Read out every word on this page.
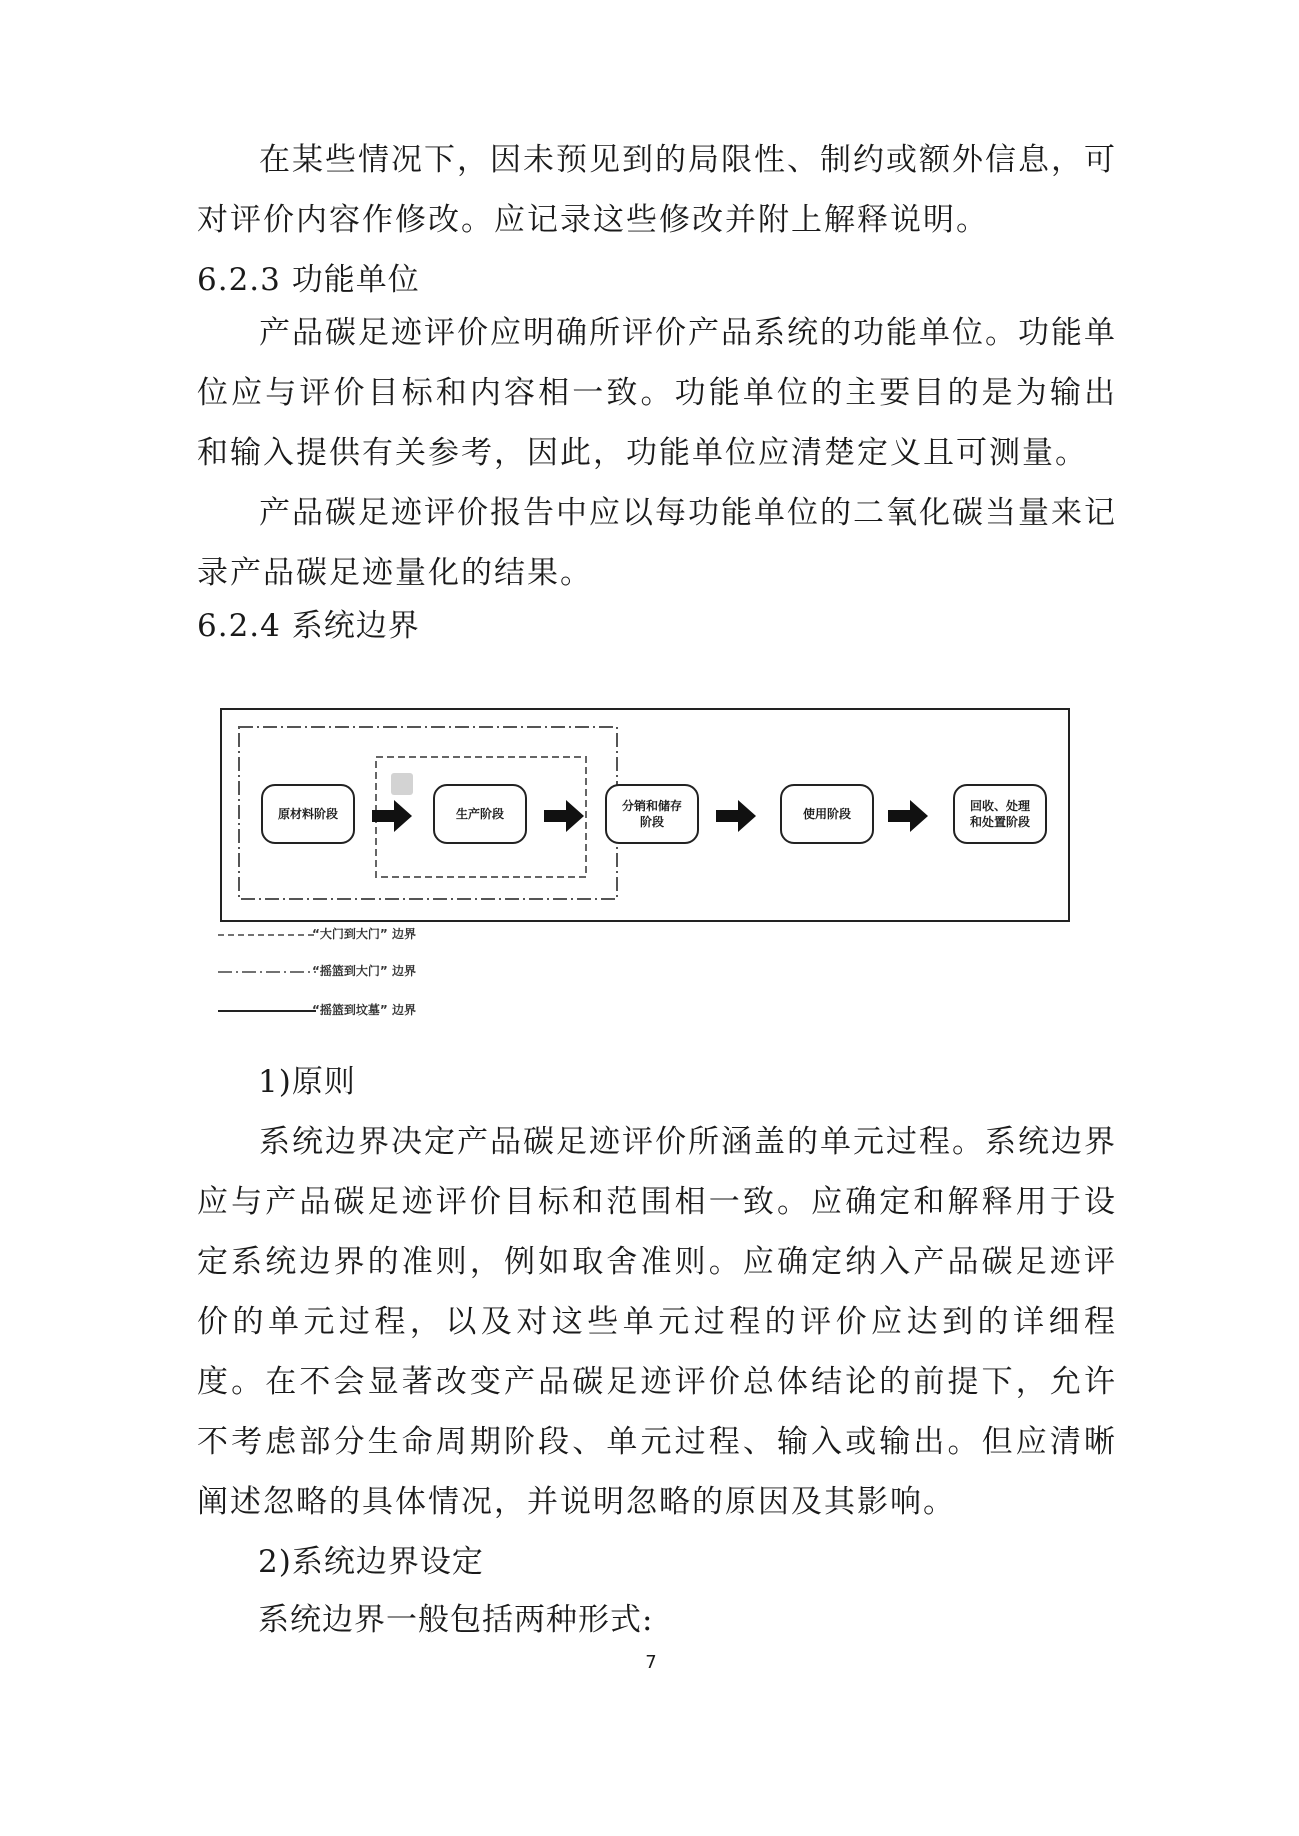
在某些情况下，因未预见到的局限性、制约或额外信息，可对评价内容作修改。应记录这些修改并附上解释说明。

6.2.3 功能单位

产品碳足迹评价应明确所评价产品系统的功能单位。功能单位应与评价目标和内容相一致。功能单位的主要目的是为输出和输入提供有关参考，因此，功能单位应清楚定义且可测量。

产品碳足迹评价报告中应以每功能单位的二氧化碳当量来记录产品碳足迹量化的结果。

6.2.4 系统边界

原材料阶段	生产阶段
分销和储存
阶段
使用阶段
回收、处理
和处置阶段
“大门到大门” 边界
“摇篮到大门” 边界
“摇篮到坟墓” 边界

1)原则

系统边界决定产品碳足迹评价所涵盖的单元过程。系统边界应与产品碳足迹评价目标和范围相一致。应确定和解释用于设定系统边界的准则，例如取舍准则。应确定纳入产品碳足迹评价的单元过程，以及对这些单元过程的评价应达到的详细程度。在不会显著改变产品碳足迹评价总体结论的前提下，允许不考虑部分生命周期阶段、单元过程、输入或输出。但应清晰阐述忽略的具体情况，并说明忽略的原因及其影响。

2)系统边界设定

系统边界一般包括两种形式:

7
